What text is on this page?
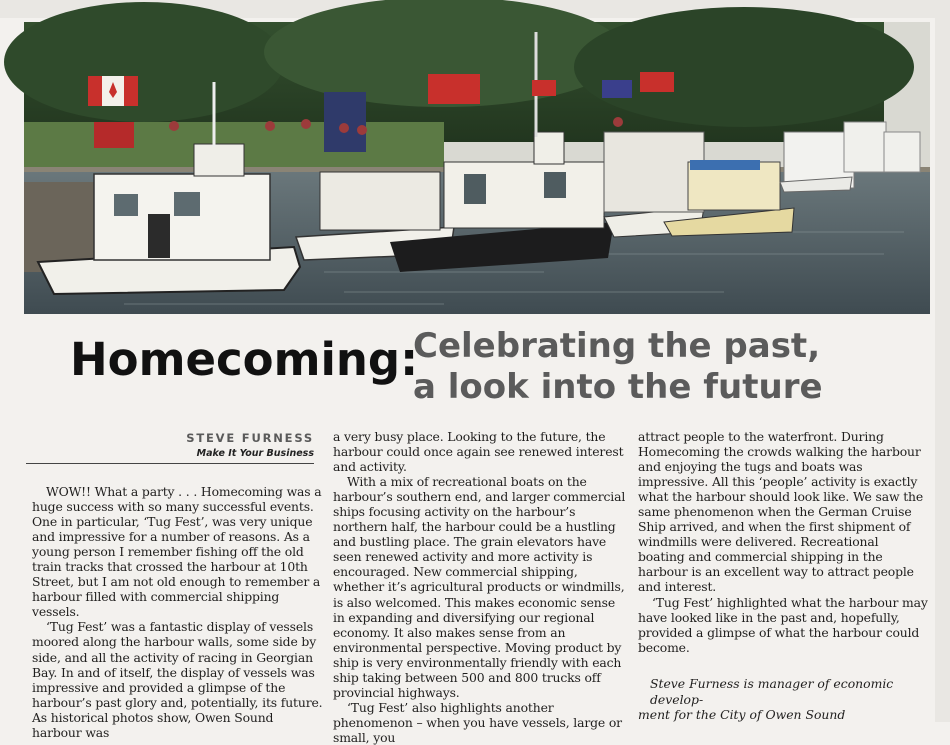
Homecoming:
Celebrating the past,
a look into the future
STEVE FURNESS
Make It Your Business

WOW!! What a party . . . Homecoming was a huge success with so many successful events. One in particular, ‘Tug Fest’, was very unique and impressive for a number of reasons. As a young person I remember fishing off the old train tracks that crossed the harbour at 10th Street, but I am not old enough to remember a harbour filled with commercial shipping vessels.

‘Tug Fest’ was a fantastic display of vessels moored along the harbour walls, some side by side, and all the activity of racing in Georgian Bay. In and of itself, the display of vessels was impressive and provided a glimpse of the harbour’s past glory and, potentially, its future. As historical photos show, Owen Sound harbour was

a very busy place. Looking to the future, the harbour could once again see renewed interest and activity.

With a mix of recreational boats on the harbour’s southern end, and larger commercial ships focusing activity on the harbour’s northern half, the harbour could be a hustling and bustling place. The grain elevators have seen renewed activity and more activity is encouraged. New commercial shipping, whether it’s agricultural products or windmills, is also welcomed. This makes economic sense in expanding and diversifying our regional economy. It also makes sense from an environmental perspective. Moving product by ship is very environmentally friendly with each ship taking between 500 and 800 trucks off provincial highways.

‘Tug Fest’ also highlights another phenomenon – when you have vessels, large or small, you

attract people to the waterfront. During Homecoming the crowds walking the harbour and enjoying the tugs and boats was impressive. All this ‘people’ activity is exactly what the harbour should look like. We saw the same phenomenon when the German Cruise Ship arrived, and when the first shipment of windmills were delivered. Recreational boating and commercial shipping in the harbour is an excellent way to attract people and interest.

‘Tug Fest’ highlighted what the harbour may have looked like in the past and, hopefully, provided a glimpse of what the harbour could become.

Steve Furness is manager of economic develop-
ment for the City of Owen Sound
